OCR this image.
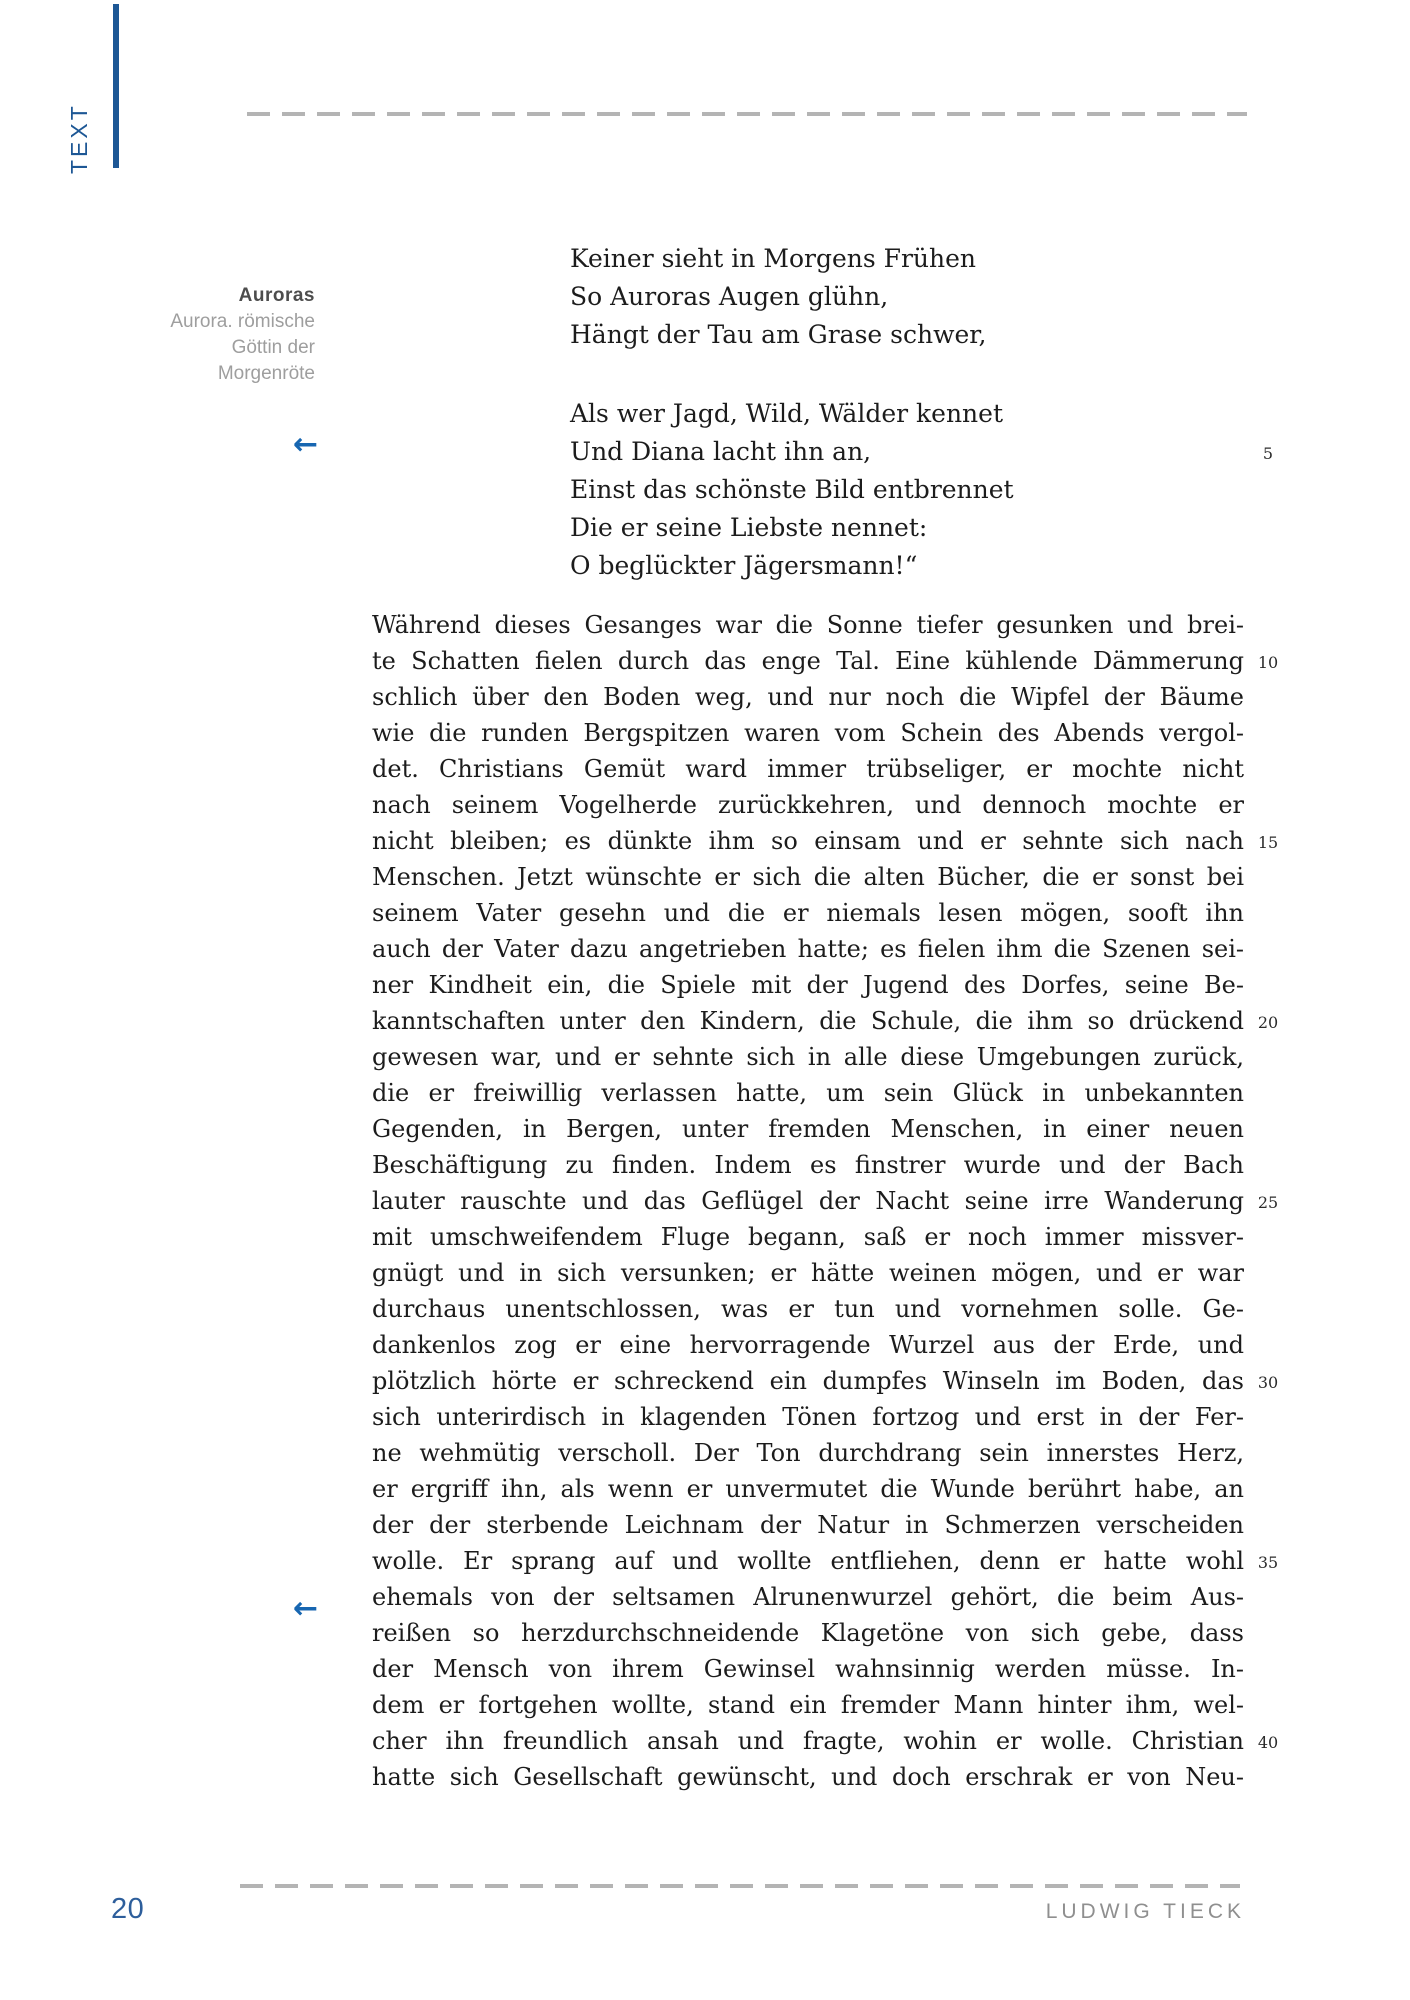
TEXT
Auroras
Aurora. römische
Göttin der
Morgenröte
←
←
Keiner sieht in Morgens Frühen
So Auroras Augen glühn,
Hängt der Tau am Grase schwer,
Als wer Jagd, Wild, Wälder kennet
Und Diana lacht ihn an,
Einst das schönste Bild entbrennet
Die er seine Liebste nennet:
O beglückter Jägersmann!“
Während dieses Gesanges war die Sonne tiefer gesunken und brei-
te Schatten fielen durch das enge Tal. Eine kühlende Dämmerung
schlich über den Boden weg, und nur noch die Wipfel der Bäume
wie die runden Bergspitzen waren vom Schein des Abends vergol-
det. Christians Gemüt ward immer trübseliger, er mochte nicht
nach seinem Vogelherde zurückkehren, und dennoch mochte er
nicht bleiben; es dünkte ihm so einsam und er sehnte sich nach
Menschen. Jetzt wünschte er sich die alten Bücher, die er sonst bei
seinem Vater gesehn und die er niemals lesen mögen, sooft ihn
auch der Vater dazu angetrieben hatte; es fielen ihm die Szenen sei-
ner Kindheit ein, die Spiele mit der Jugend des Dorfes, seine Be-
kanntschaften unter den Kindern, die Schule, die ihm so drückend
gewesen war, und er sehnte sich in alle diese Umgebungen zurück,
die er freiwillig verlassen hatte, um sein Glück in unbekannten
Gegenden, in Bergen, unter fremden Menschen, in einer neuen
Beschäftigung zu finden. Indem es finstrer wurde und der Bach
lauter rauschte und das Geflügel der Nacht seine irre Wanderung
mit umschweifendem Fluge begann, saß er noch immer missver-
gnügt und in sich versunken; er hätte weinen mögen, und er war
durchaus unentschlossen, was er tun und vornehmen solle. Ge-
dankenlos zog er eine hervorragende Wurzel aus der Erde, und
plötzlich hörte er schreckend ein dumpfes Winseln im Boden, das
sich unterirdisch in klagenden Tönen fortzog und erst in der Fer-
ne wehmütig verscholl. Der Ton durchdrang sein innerstes Herz,
er ergriff ihn, als wenn er unvermutet die Wunde berührt habe, an
der der sterbende Leichnam der Natur in Schmerzen verscheiden
wolle. Er sprang auf und wollte entfliehen, denn er hatte wohl
ehemals von der seltsamen Alrunenwurzel gehört, die beim Aus-
reißen so herzdurchschneidende Klagetöne von sich gebe, dass
der Mensch von ihrem Gewinsel wahnsinnig werden müsse. In-
dem er fortgehen wollte, stand ein fremder Mann hinter ihm, wel-
cher ihn freundlich ansah und fragte, wohin er wolle. Christian
hatte sich Gesellschaft gewünscht, und doch erschrak er von Neu-
5
10
15
20
25
30
35
40
20	LUDWIG TIECK
